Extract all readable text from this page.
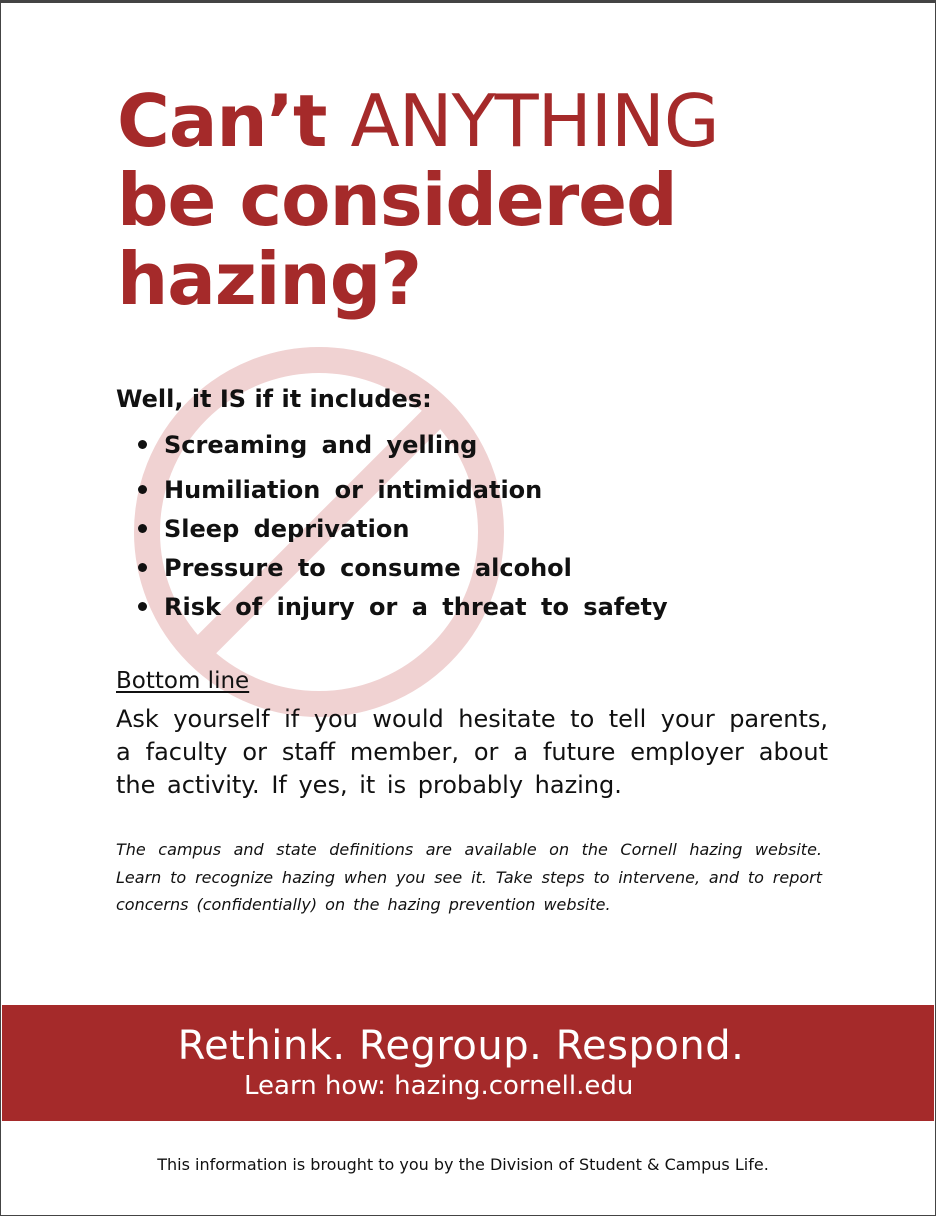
Can’t ANYTHING
be considered
hazing?

Well, it IS if it includes:

Screaming and yelling
Humiliation or intimidation
Sleep deprivation
Pressure to consume alcohol
Risk of injury or a threat to safety

Bottom line

Ask yourself if you would hesitate to tell your parents, a faculty or staff member, or a future employer about the activity. If yes, it is probably hazing.

The campus and state definitions are available on the Cornell hazing website. Learn to recognize hazing when you see it. Take steps to intervene, and to report concerns (confidentially) on the hazing prevention website.

Rethink. Regroup. Respond.

Learn how: hazing.cornell.edu

This information is brought to you by the Division of Student & Campus Life.
